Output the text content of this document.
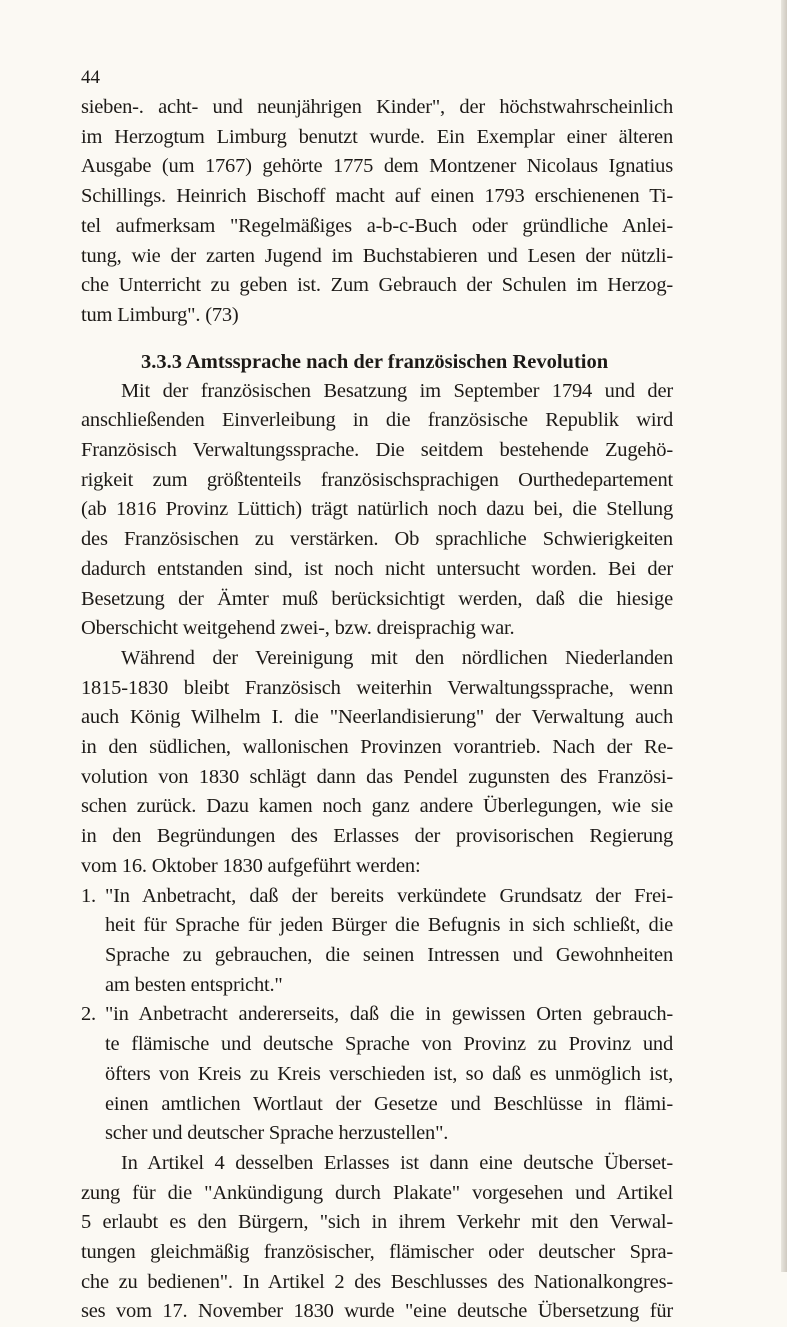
44
sieben-. acht- und neunjährigen Kinder", der höchstwahrscheinlich
im Herzogtum Limburg benutzt wurde. Ein Exemplar einer älteren
Ausgabe (um 1767) gehörte 1775 dem Montzener Nicolaus Ignatius
Schillings. Heinrich Bischoff macht auf einen 1793 erschienenen Ti-
tel aufmerksam "Regelmäßiges a-b-c-Buch oder gründliche Anlei-
tung, wie der zarten Jugend im Buchstabieren und Lesen der nützli-
che Unterricht zu geben ist. Zum Gebrauch der Schulen im Herzog-
tum Limburg". (73)
3.3.3 Amtssprache nach der französischen Revolution
Mit der französischen Besatzung im September 1794 und der
anschließenden Einverleibung in die französische Republik wird
Französisch Verwaltungssprache. Die seitdem bestehende Zugehö-
rigkeit zum größtenteils französischsprachigen Ourthedepartement
(ab 1816 Provinz Lüttich) trägt natürlich noch dazu bei, die Stellung
des Französischen zu verstärken. Ob sprachliche Schwierigkeiten
dadurch entstanden sind, ist noch nicht untersucht worden. Bei der
Besetzung der Ämter muß berücksichtigt werden, daß die hiesige
Oberschicht weitgehend zwei-, bzw. dreisprachig war.
Während der Vereinigung mit den nördlichen Niederlanden
1815-1830 bleibt Französisch weiterhin Verwaltungssprache, wenn
auch König Wilhelm I. die "Neerlandisierung" der Verwaltung auch
in den südlichen, wallonischen Provinzen vorantrieb. Nach der Re-
volution von 1830 schlägt dann das Pendel zugunsten des Französi-
schen zurück. Dazu kamen noch ganz andere Überlegungen, wie sie
in den Begründungen des Erlasses der provisorischen Regierung
vom 16. Oktober 1830 aufgeführt werden:
1. "In Anbetracht, daß der bereits verkündete Grundsatz der Frei-
heit für Sprache für jeden Bürger die Befugnis in sich schließt, die
Sprache zu gebrauchen, die seinen Intressen und Gewohnheiten
am besten entspricht."
2. "in Anbetracht andererseits, daß die in gewissen Orten gebrauch-
te flämische und deutsche Sprache von Provinz zu Provinz und
öfters von Kreis zu Kreis verschieden ist, so daß es unmöglich ist,
einen amtlichen Wortlaut der Gesetze und Beschlüsse in flämi-
scher und deutscher Sprache herzustellen".
In Artikel 4 desselben Erlasses ist dann eine deutsche Überset-
zung für die "Ankündigung durch Plakate" vorgesehen und Artikel
5 erlaubt es den Bürgern, "sich in ihrem Verkehr mit den Verwal-
tungen gleichmäßig französischer, flämischer oder deutscher Spra-
che zu bedienen". In Artikel 2 des Beschlusses des Nationalkongres-
ses vom 17. November 1830 wurde "eine deutsche Übersetzung für
